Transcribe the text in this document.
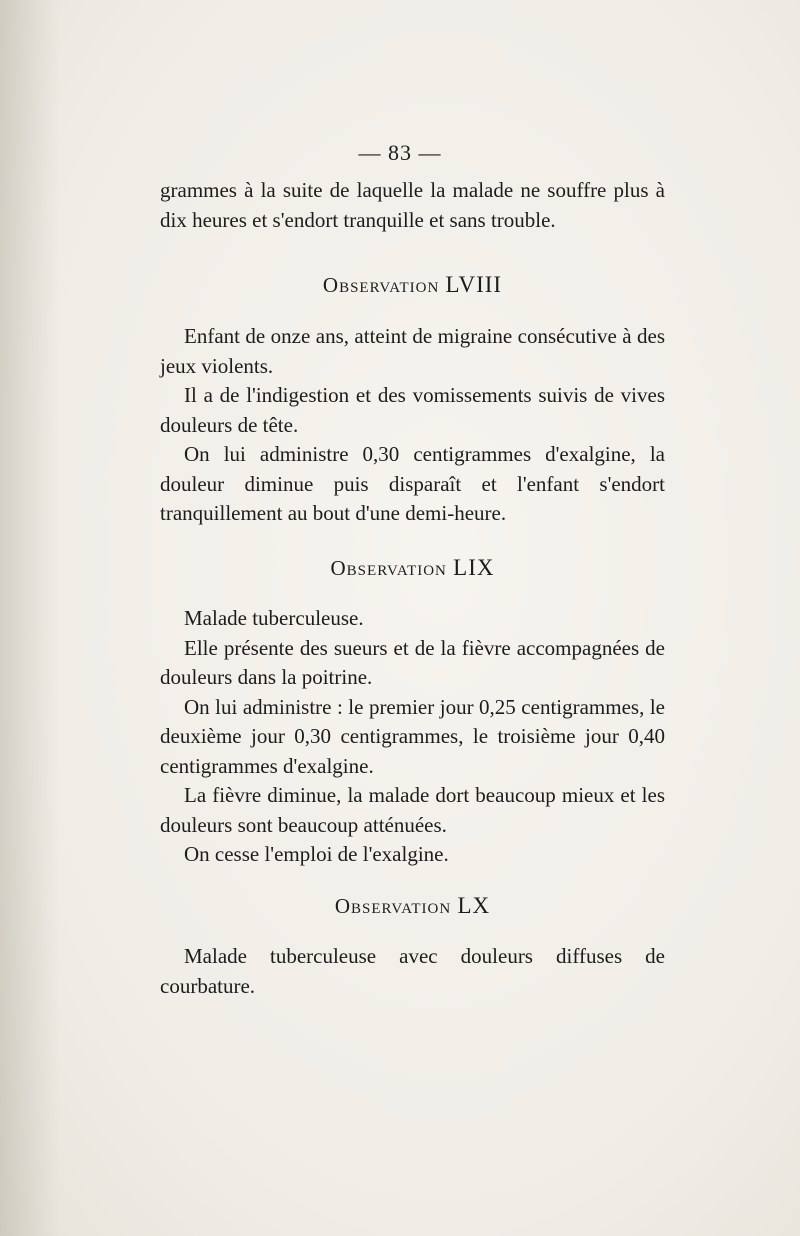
— 83 —

grammes à la suite de laquelle la malade ne souffre plus à dix heures et s'endort tranquille et sans trouble.

Observation LVIII

Enfant de onze ans, atteint de migraine consécutive à des jeux violents.

Il a de l'indigestion et des vomissements suivis de vives douleurs de tête.

On lui administre 0,30 centigrammes d'exalgine, la douleur diminue puis disparaît et l'enfant s'endort tranquillement au bout d'une demi-heure.

Observation LIX

Malade tuberculeuse.

Elle présente des sueurs et de la fièvre accompagnées de douleurs dans la poitrine.

On lui administre : le premier jour 0,25 centigrammes, le deuxième jour 0,30 centigrammes, le troisième jour 0,40 centigrammes d'exalgine.

La fièvre diminue, la malade dort beaucoup mieux et les douleurs sont beaucoup atténuées.

On cesse l'emploi de l'exalgine.

Observation LX

Malade tuberculeuse avec douleurs diffuses de courbature.
